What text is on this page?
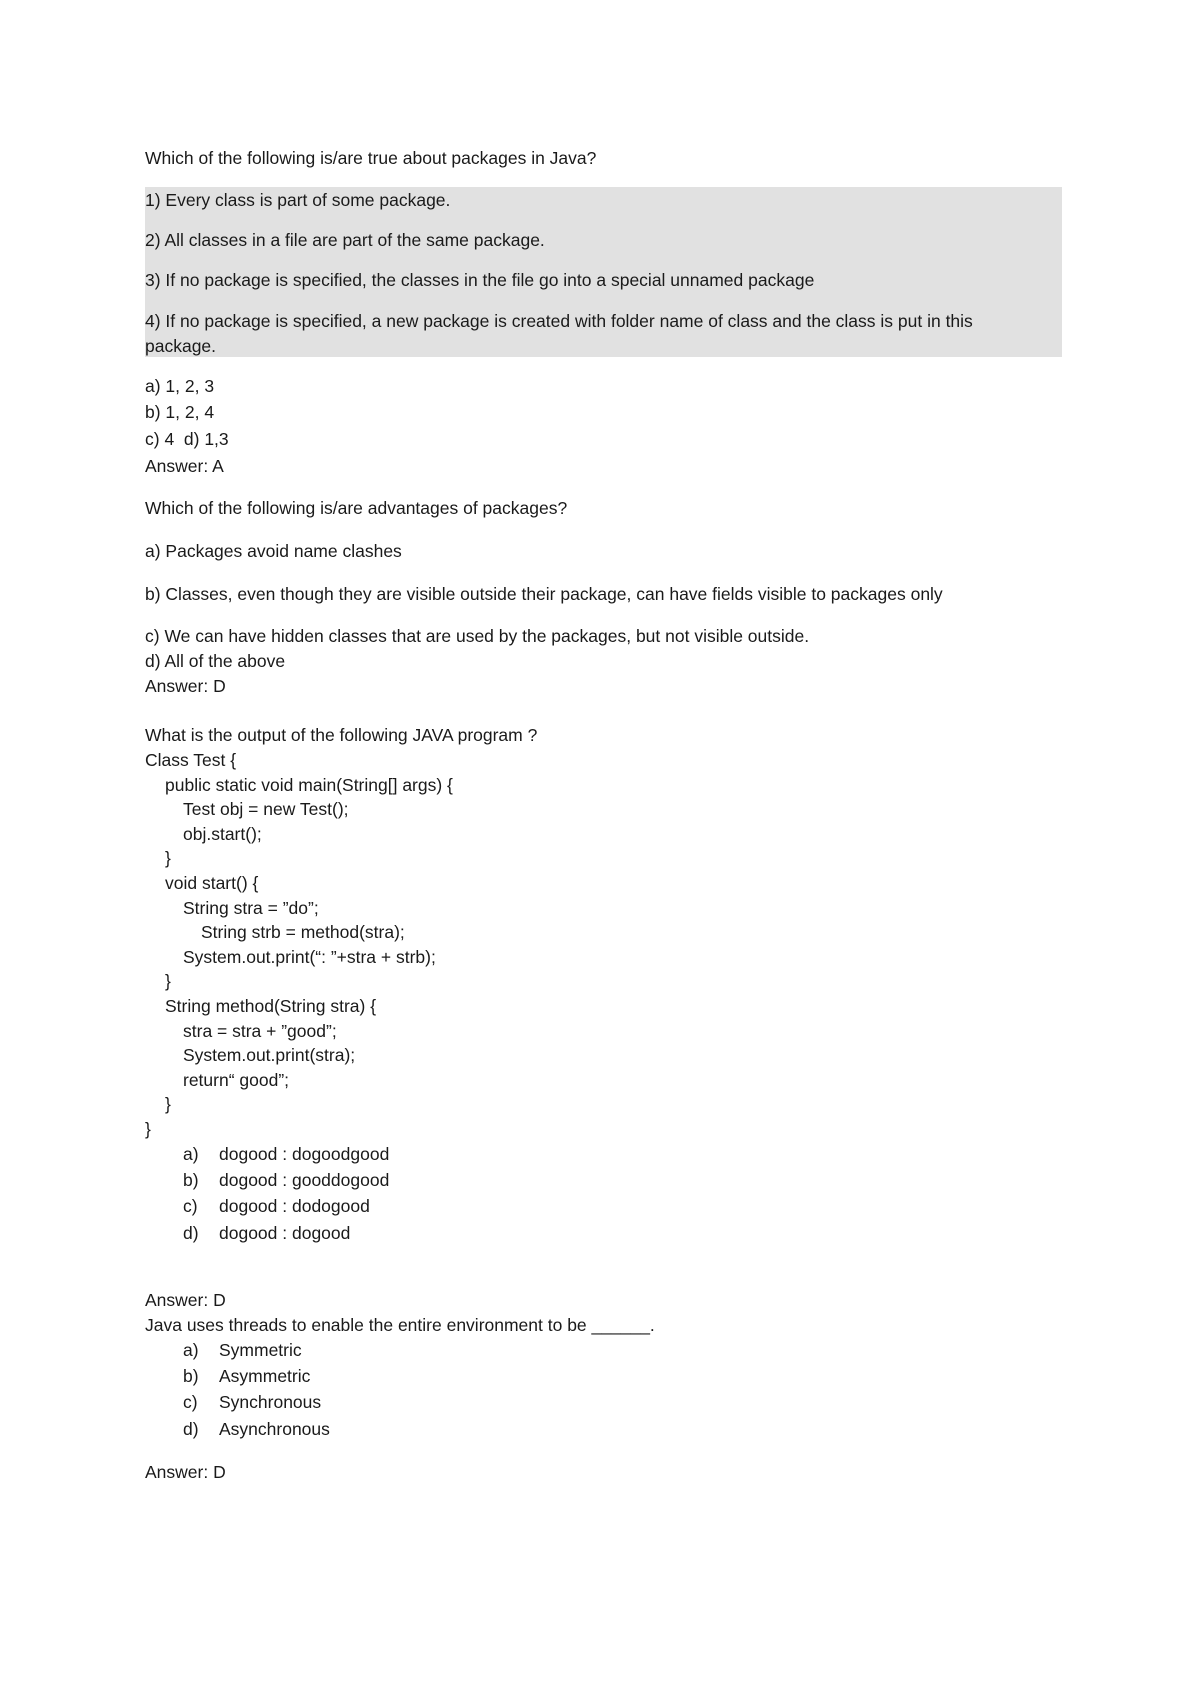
Which of the following is/are true about packages in Java?
1) Every class is part of some package.
2) All classes in a file are part of the same package.
3) If no package is specified, the classes in the file go into a special unnamed package
4) If no package is specified, a new package is created with folder name of class and the class is put in this
package.
a) 1, 2, 3
b) 1, 2, 4
c) 4  d) 1,3
Answer: A
Which of the following is/are advantages of packages?
a) Packages avoid name clashes
b) Classes, even though they are visible outside their package, can have fields visible to packages only
c) We can have hidden classes that are used by the packages, but not visible outside.
d) All of the above
Answer: D
What is the output of the following JAVA program ?
Class Test {
public static void main(String[] args) {
Test obj = new Test();
obj.start();
}
void start() {
String stra = ”do”;
String strb = method(stra);
System.out.print(“: ”+stra + strb);
}
String method(String stra) {
stra = stra + ”good”;
System.out.print(stra);
return“ good”;
}
}
a) dogood : dogoodgood
b) dogood : gooddogood
c) dogood : dodogood
d) dogood : dogood
Answer: D
Java uses threads to enable the entire environment to be ______.
a) Symmetric
b) Asymmetric
c) Synchronous
d) Asynchronous
Answer: D
